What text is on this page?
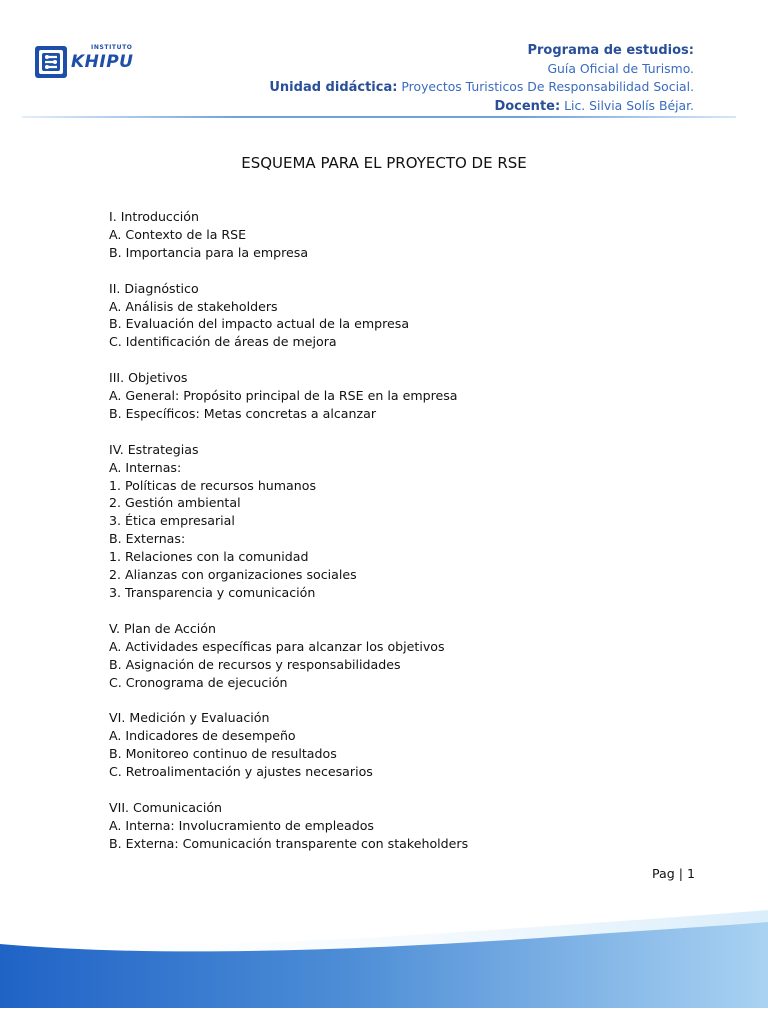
INSTITUTO
KHIPU
Programa de estudios:
Guía Oficial de Turismo.
Unidad didáctica: Proyectos Turisticos De Responsabilidad Social.
Docente: Lic. Silvia Solís Béjar.
ESQUEMA PARA EL PROYECTO DE RSE
I. Introducción
A. Contexto de la RSE
B. Importancia para la empresa
II. Diagnóstico
A. Análisis de stakeholders
B. Evaluación del impacto actual de la empresa
C. Identificación de áreas de mejora
III. Objetivos
A. General: Propósito principal de la RSE en la empresa
B. Específicos: Metas concretas a alcanzar
IV. Estrategias
A. Internas:
1. Políticas de recursos humanos
2. Gestión ambiental
3. Ética empresarial
B. Externas:
1. Relaciones con la comunidad
2. Alianzas con organizaciones sociales
3. Transparencia y comunicación
V. Plan de Acción
A. Actividades específicas para alcanzar los objetivos
B. Asignación de recursos y responsabilidades
C. Cronograma de ejecución
VI. Medición y Evaluación
A. Indicadores de desempeño
B. Monitoreo continuo de resultados
C. Retroalimentación y ajustes necesarios
VII. Comunicación
A. Interna: Involucramiento de empleados
B. Externa: Comunicación transparente con stakeholders
Pag | 1
